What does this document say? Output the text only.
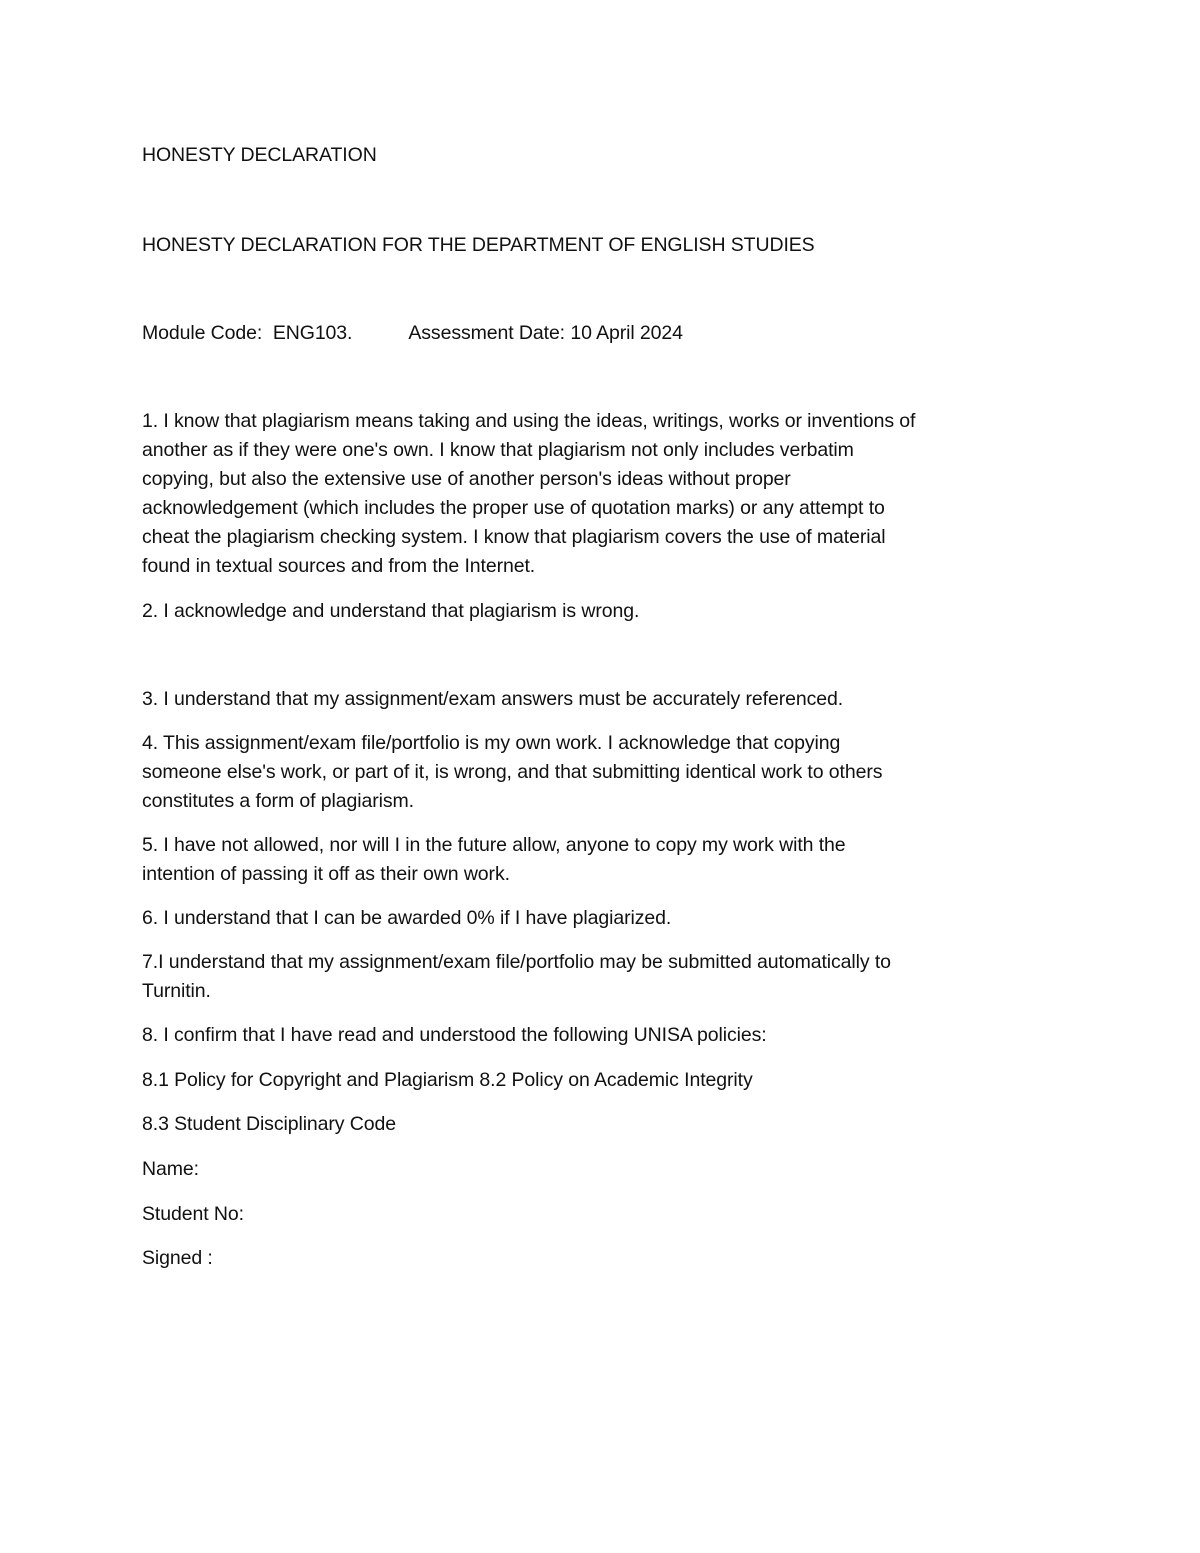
HONESTY DECLARATION
HONESTY DECLARATION FOR THE DEPARTMENT OF ENGLISH STUDIES
Module Code: ENG103.	Assessment Date: 10 April 2024
1. I know that plagiarism means taking and using the ideas, writings, works or inventions of
another as if they were one's own. I know that plagiarism not only includes verbatim
copying, but also the extensive use of another person's ideas without proper
acknowledgement (which includes the proper use of quotation marks) or any attempt to
cheat the plagiarism checking system. I know that plagiarism covers the use of material
found in textual sources and from the Internet.
2. I acknowledge and understand that plagiarism is wrong.
3. I understand that my assignment/exam answers must be accurately referenced.
4. This assignment/exam file/portfolio is my own work. I acknowledge that copying
someone else's work, or part of it, is wrong, and that submitting identical work to others
constitutes a form of plagiarism.
5. I have not allowed, nor will I in the future allow, anyone to copy my work with the
intention of passing it off as their own work.
6. I understand that I can be awarded 0% if I have plagiarized.
7.I understand that my assignment/exam file/portfolio may be submitted automatically to
Turnitin.
8. I confirm that I have read and understood the following UNISA policies:
8.1 Policy for Copyright and Plagiarism 8.2 Policy on Academic Integrity
8.3 Student Disciplinary Code
Name:
Student No:
Signed :
